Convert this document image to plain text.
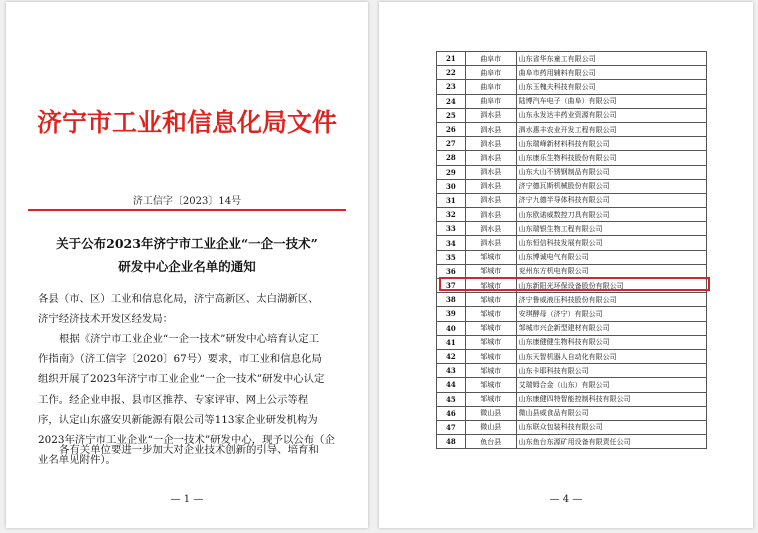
济宁市工业和信息化局文件
济工信字〔2023〕14号
关于公布2023年济宁市工业企业“一企一技术”
研发中心企业名单的通知
各县（市、区）工业和信息化局，济宁高新区、太白湖新区、
济宁经济技术开发区经发局：
根据《济宁市工业企业“一企一技术”研发中心培育认定工
作指南》（济工信字〔2020〕67号）要求，市工业和信息化局
组织开展了2023年济宁市工业企业“一企一技术”研发中心认定
工作。经企业申报、县市区推荐、专家评审、网上公示等程
序，认定山东盛安贝新能源有限公司等113家企业研发机构为
2023年济宁市工业企业“一企一技术”研发中心，现予以公布（企
业名单见附件）。
各有关单位要进一步加大对企业技术创新的引导、培育和
— 1 —
21	曲阜市	山东省华东童工有限公司
22	曲阜市	曲阜市药用辅料有限公司
23	曲阜市	山东玉槐夫科技有限公司
24	曲阜市	陆博汽车电子（曲阜）有限公司
25	泗水县	山东永发达丰药业资源有限公司
26	泗水县	泗水惠丰农业开发工程有限公司
27	泗水县	山东瑞峰新材料科技有限公司
28	泗水县	山东康乐生物科技股份有限公司
29	泗水县	山东大山不锈钢制品有限公司
30	泗水县	济宁德瓦斯机械股份有限公司
31	泗水县	济宁九德半导体科技有限公司
32	泗水县	山东欧诺威数控刀具有限公司
33	泗水县	山东瑞银生物工程有限公司
34	泗水县	山东恒信科技发展有限公司
35	邹城市	山东博诚电气有限公司
36	邹城市	兖州东方机电有限公司
37	邹城市	山东新阳光环保设备股份有限公司
38	邹城市	济宁鲁威液压科技股份有限公司
39	邹城市	安琪酵母（济宁）有限公司
40	邹城市	邹城市兴企新型建材有限公司
41	邹城市	山东康健健生物科技有限公司
42	邹城市	山东天智机器人自动化有限公司
43	邹城市	山东卡耶科技有限公司
44	邹城市	艾瑞姆合金（山东）有限公司
45	邹城市	山东康健四特智能控制科技有限公司
46	微山县	微山县威食品有限公司
47	微山县	山东联众包装科技有限公司
48	鱼台县	山东鱼台东源矿用设备有限责任公司
— 4 —
